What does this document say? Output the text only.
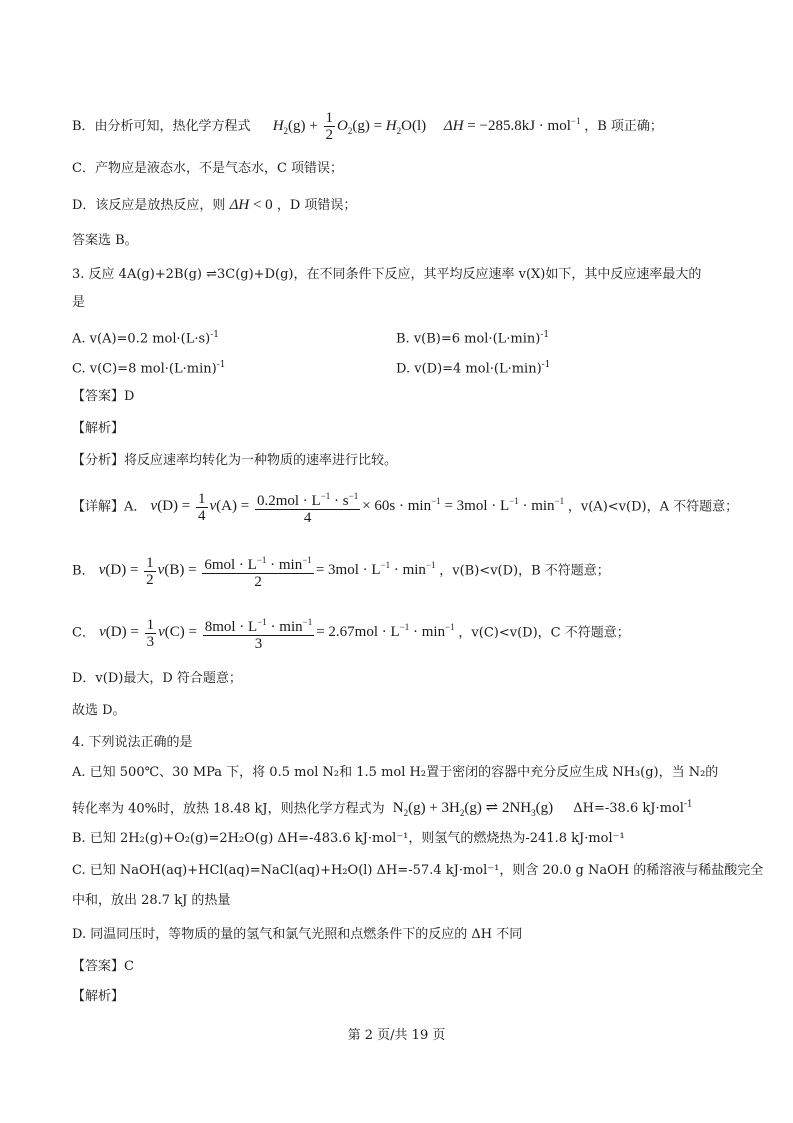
B．由分析可知，热化学方程式 $H_2(g) + \frac{1}{2} O_2(g) = H_2O(l) \Delta H = -285.8kJ \cdot mol^{-1}$ ，B 项正确；
C．产物应是液态水，不是气态水，C 项错误；
D．该反应是放热反应，则 ΔH < 0 ，D 项错误；
答案选 B。
3. 反应 4A(g)+2B(g) ⇌3C(g)+D(g)，在不同条件下反应，其平均反应速率 v(X)如下，其中反应速率最大的
是
A. v(A)=0.2 $mol\cdot(L\cdot s)^{-1}$	B. v(B)=6 $mol\cdot(L\cdot\min)^{-1}$
C. v(C)=8 $mol\cdot(L\cdot\min)^{-1}$	D. v(D)=4 $mol\cdot(L\cdot\min)^{-1}$
【答案】D
【解析】
【分析】将反应速率均转化为一种物质的速率进行比较。
【详解】A． $v(D) = \frac{1}{4} v(A) = \frac{0.2mol \cdot L^{-1} \cdot s^{-1}}{4} \times 60s \cdot \min^{-1} = 3mol \cdot L^{-1} \cdot \min^{-1}$ ，v(A)<v(D)，A 不符题意；
B． $v(D) = \frac{1}{2} v(B) = \frac{6mol \cdot L^{-1} \cdot \min^{-1}}{2} = 3mol \cdot L^{-1} \cdot \min^{-1}$ ，v(B)<v(D)，B 不符题意；
C． $v(D) = \frac{1}{3} v(C) = \frac{8mol \cdot L^{-1} \cdot \min^{-1}}{3} = 2.67mol \cdot L^{-1} \cdot \min^{-1}$ ，v(C)<v(D)，C 不符题意；
D．v(D)最大，D 符合题意；
故选 D。
4. 下列说法正确的是
A. 已知 500℃、30 MPa 下，将 0.5 mol N₂和 1.5 mol H₂置于密闭的容器中充分反应生成 NH₃(g)，当 N₂的
转化率为 40%时，放热 18.48 kJ，则热化学方程式为 $N_2(g) + 3H_2(g)$ ⇌ $2NH_3(g)$ ΔH=-38.6 kJ·mol$^{-1}$
B. 已知 2H₂(g)+O₂(g)=2H₂O(g) ΔH=-483.6 kJ·mol⁻¹，则氢气的燃烧热为-241.8 kJ·mol⁻¹
C. 已知 NaOH(aq)+HCl(aq)=NaCl(aq)+H₂O(l) ΔH=-57.4 kJ·mol⁻¹，则含 20.0 g NaOH 的稀溶液与稀盐酸完全
中和，放出 28.7 kJ 的热量
D. 同温同压时，等物质的量的氢气和氯气光照和点燃条件下的反应的 ΔH 不同
【答案】C
【解析】
第 2 页/共 19 页
